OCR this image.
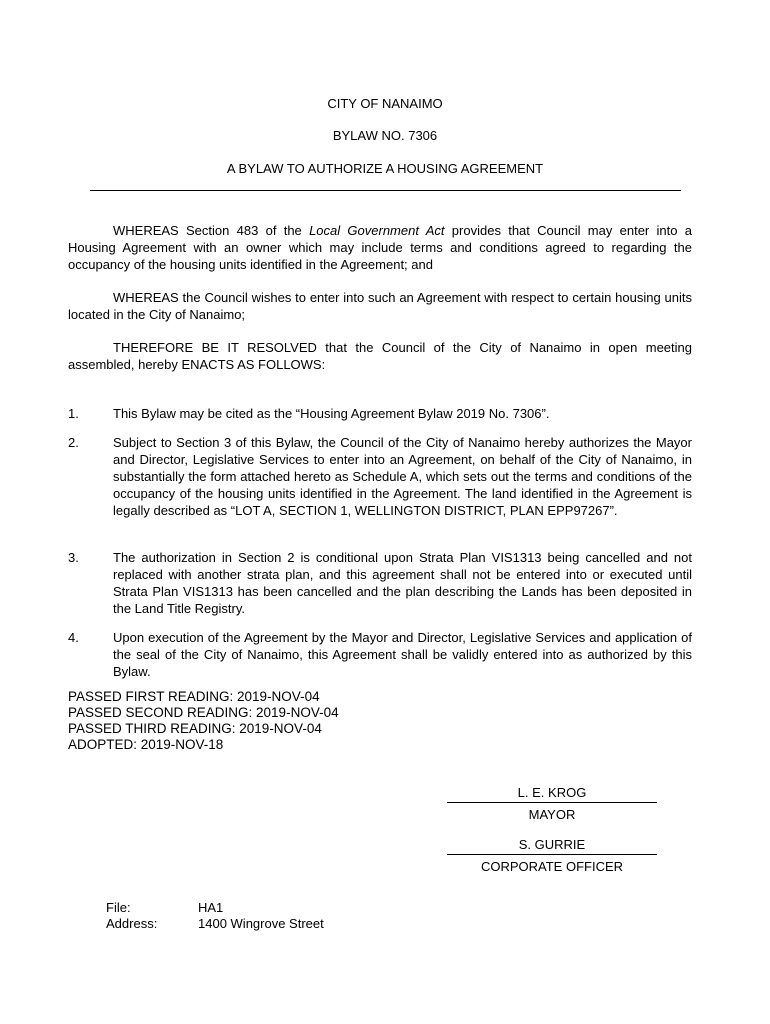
CITY OF NANAIMO
BYLAW NO. 7306
A BYLAW TO AUTHORIZE A HOUSING AGREEMENT
WHEREAS Section 483 of the Local Government Act provides that Council may enter into a Housing Agreement with an owner which may include terms and conditions agreed to regarding the occupancy of the housing units identified in the Agreement; and
WHEREAS the Council wishes to enter into such an Agreement with respect to certain housing units located in the City of Nanaimo;
THEREFORE BE IT RESOLVED that the Council of the City of Nanaimo in open meeting assembled, hereby ENACTS AS FOLLOWS:
1.	This Bylaw may be cited as the “Housing Agreement Bylaw 2019 No. 7306”.
2.	Subject to Section 3 of this Bylaw, the Council of the City of Nanaimo hereby authorizes the Mayor and Director, Legislative Services to enter into an Agreement, on behalf of the City of Nanaimo, in substantially the form attached hereto as Schedule A, which sets out the terms and conditions of the occupancy of the housing units identified in the Agreement. The land identified in the Agreement is legally described as “LOT A, SECTION 1, WELLINGTON DISTRICT, PLAN EPP97267”.
3.	The authorization in Section 2 is conditional upon Strata Plan VIS1313 being cancelled and not replaced with another strata plan, and this agreement shall not be entered into or executed until Strata Plan VIS1313 has been cancelled and the plan describing the Lands has been deposited in the Land Title Registry.
4.	Upon execution of the Agreement by the Mayor and Director, Legislative Services and application of the seal of the City of Nanaimo, this Agreement shall be validly entered into as authorized by this Bylaw.
PASSED FIRST READING: 2019-NOV-04
PASSED SECOND READING: 2019-NOV-04
PASSED THIRD READING: 2019-NOV-04
ADOPTED: 2019-NOV-18
L. E. KROG
MAYOR
S. GURRIE
CORPORATE OFFICER
File:	HA1
Address:	1400 Wingrove Street
